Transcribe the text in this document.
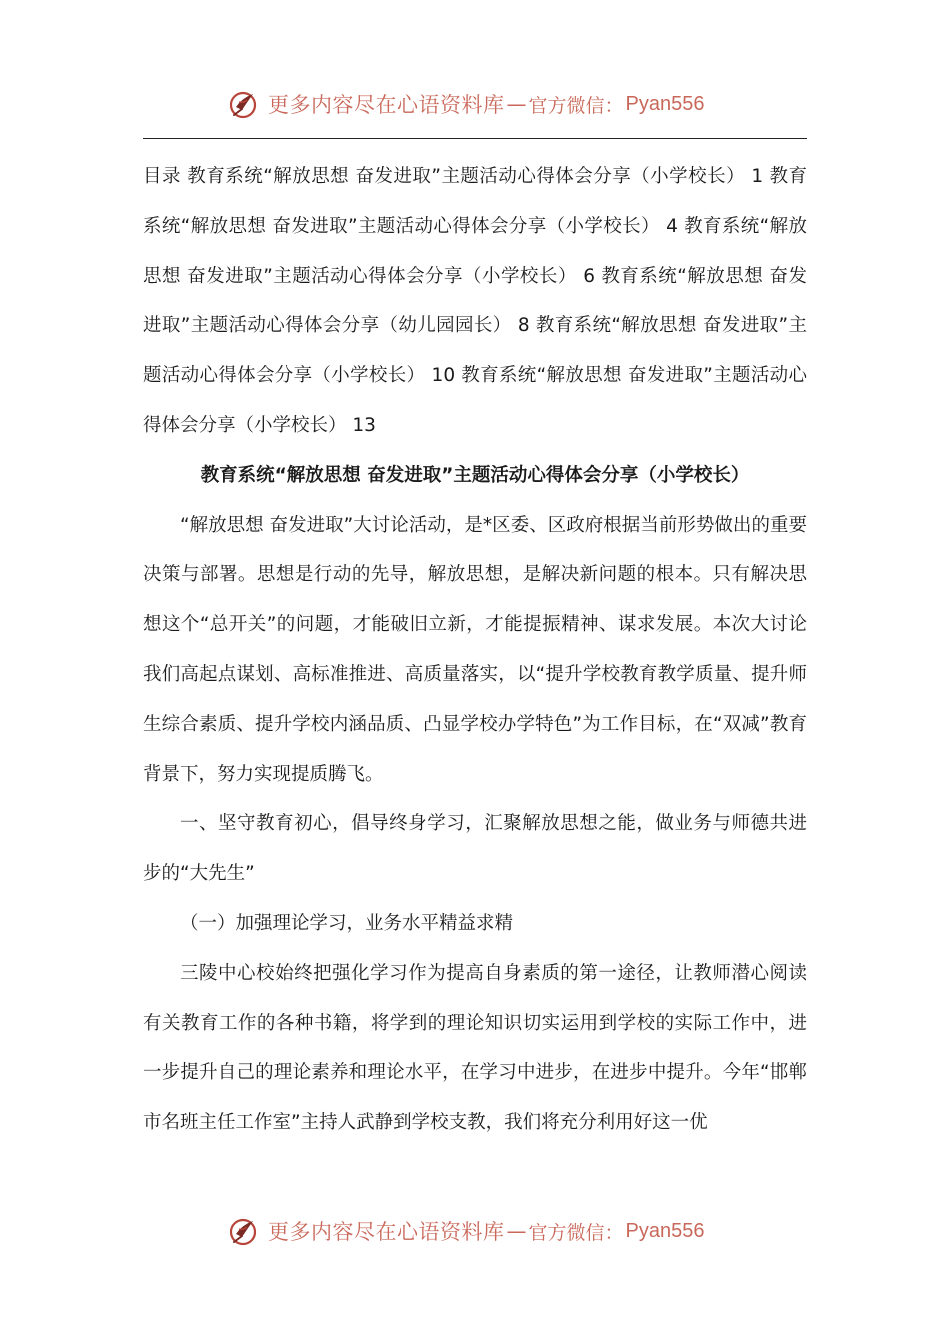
更多内容尽在心语资料库 — 官方微信： Pyan556

目录 教育系统“解放思想 奋发进取”主题活动心得体会分享（小学校长） 1 教育系统“解放思想 奋发进取”主题活动心得体会分享（小学校长） 4 教育系统“解放思想 奋发进取”主题活动心得体会分享（小学校长） 6 教育系统“解放思想 奋发进取”主题活动心得体会分享（幼儿园园长） 8 教育系统“解放思想 奋发进取”主题活动心得体会分享（小学校长） 10 教育系统“解放思想 奋发进取”主题活动心得体会分享（小学校长） 13

教育系统“解放思想 奋发进取”主题活动心得体会分享（小学校长）

“解放思想 奋发进取”大讨论活动，是*区委、区政府根据当前形势做出的重要决策与部署。思想是行动的先导，解放思想，是解决新问题的根本。只有解决思想这个“总开关”的问题，才能破旧立新，才能提振精神、谋求发展。本次大讨论我们高起点谋划、高标准推进、高质量落实，以“提升学校教育教学质量、提升师生综合素质、提升学校内涵品质、凸显学校办学特色”为工作目标，在“双减”教育背景下，努力实现提质腾飞。

一、坚守教育初心，倡导终身学习，汇聚解放思想之能，做业务与师德共进步的“大先生”

（一）加强理论学习，业务水平精益求精

三陵中心校始终把强化学习作为提高自身素质的第一途径，让教师潜心阅读有关教育工作的各种书籍，将学到的理论知识切实运用到学校的实际工作中，进一步提升自己的理论素养和理论水平，在学习中进步，在进步中提升。今年“邯郸市名班主任工作室”主持人武静到学校支教，我们将充分利用好这一优

更多内容尽在心语资料库 — 官方微信： Pyan556
